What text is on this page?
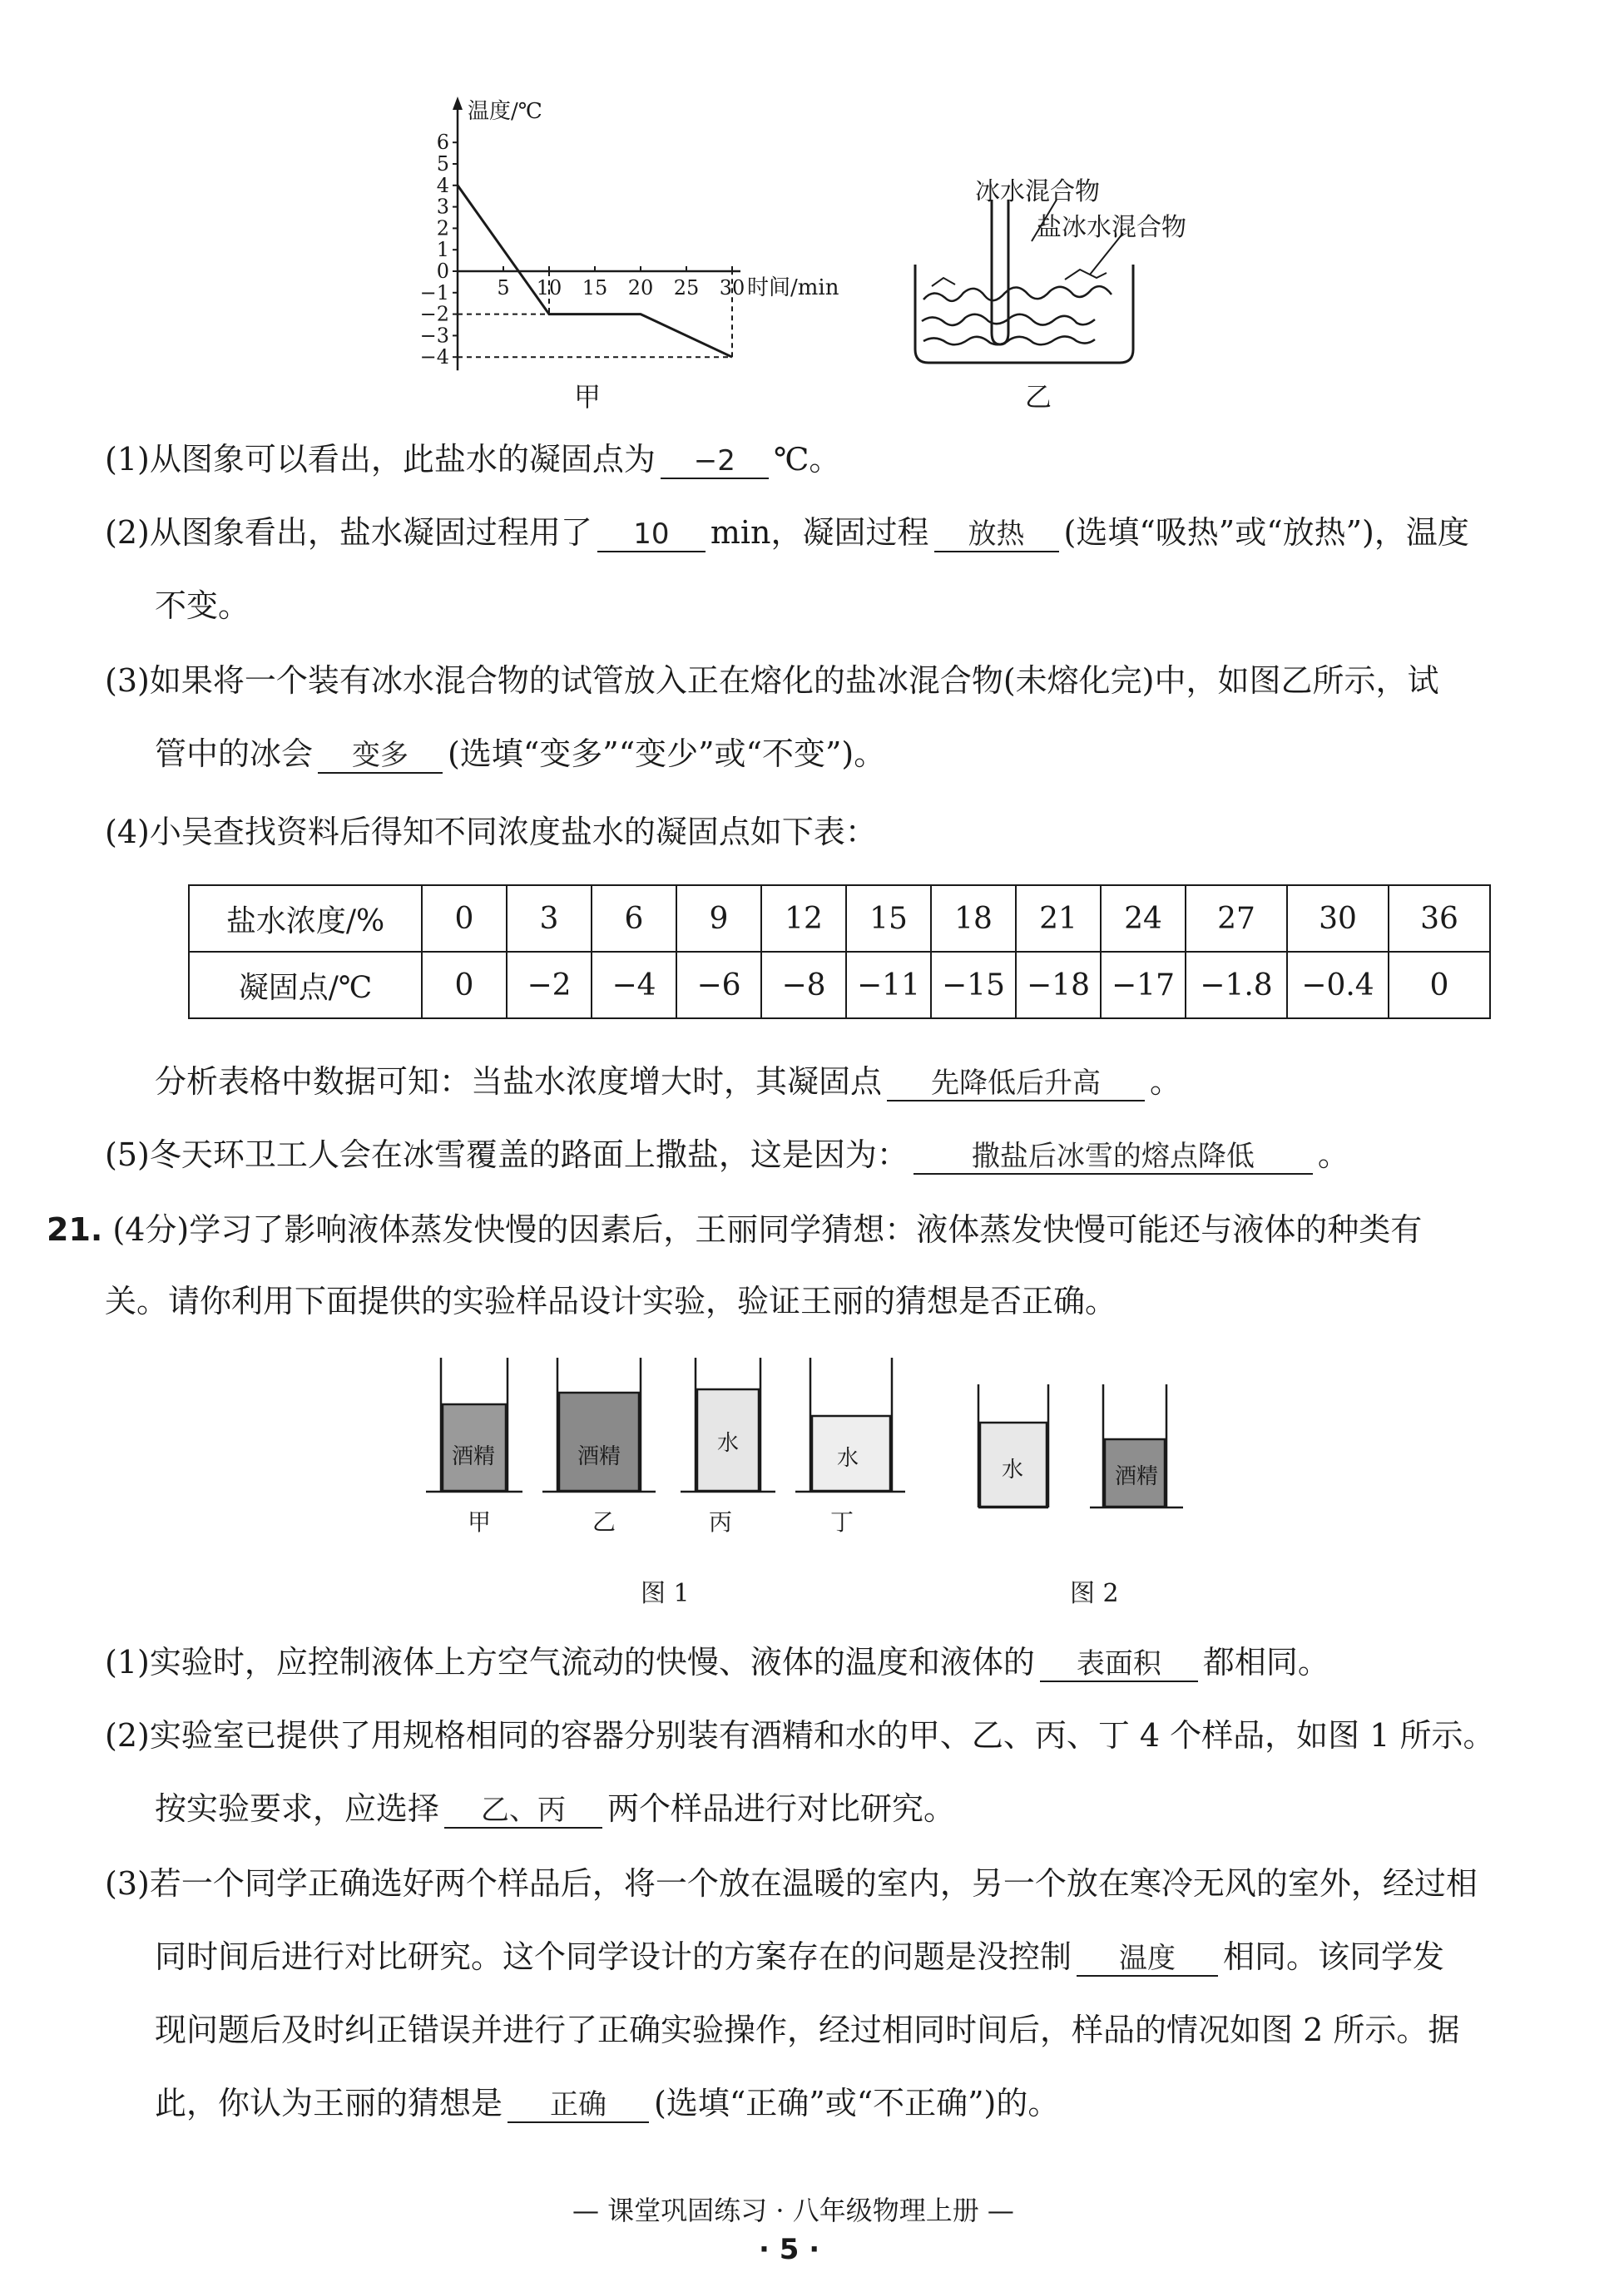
温度/℃
时间/min
6
5
4
3
2
1
0
−1
−2
−3
−4
5 10 15 20 25 30
甲
冰水混合物
盐冰水混合物
乙
(1)从图象可以看出，此盐水的凝固点为 −2 ℃。
(2)从图象看出，盐水凝固过程用了 10 min，凝固过程 放热 (选填“吸热”或“放热”)，温度
不变。
(3)如果将一个装有冰水混合物的试管放入正在熔化的盐冰混合物(未熔化完)中，如图乙所示，试
管中的冰会 变多 (选填“变多”“变少”或“不变”)。
(4)小吴查找资料后得知不同浓度盐水的凝固点如下表：
盐水浓度/%	0	3	6	9	12	15	18	21	24	27	30	36
凝固点/℃	0	−2	−4	−6	−8	−11	−15	−18	−17	−1.8	−0.4	0
分析表格中数据可知：当盐水浓度增大时，其凝固点 先降低后升高 。
(5)冬天环卫工人会在冰雪覆盖的路面上撒盐，这是因为： 撒盐后冰雪的熔点降低 。
21. (4分)学习了影响液体蒸发快慢的因素后，王丽同学猜想：液体蒸发快慢可能还与液体的种类有
关。请你利用下面提供的实验样品设计实验，验证王丽的猜想是否正确。
酒精	酒精
水
水
甲	乙	丙	丁
图 1
水	酒精
图 2
(1)实验时，应控制液体上方空气流动的快慢、液体的温度和液体的 表面积 都相同。
(2)实验室已提供了用规格相同的容器分别装有酒精和水的甲、乙、丙、丁 4 个样品，如图 1 所示。
按实验要求，应选择 乙、丙 两个样品进行对比研究。
(3)若一个同学正确选好两个样品后，将一个放在温暖的室内，另一个放在寒冷无风的室外，经过相
同时间后进行对比研究。这个同学设计的方案存在的问题是没控制 温度 相同。该同学发
现问题后及时纠正错误并进行了正确实验操作，经过相同时间后，样品的情况如图 2 所示。据
此，你认为王丽的猜想是 正确 (选填“正确”或“不正确”)的。
— 课堂巩固练习 · 八年级物理上册 —
· 5 ·
